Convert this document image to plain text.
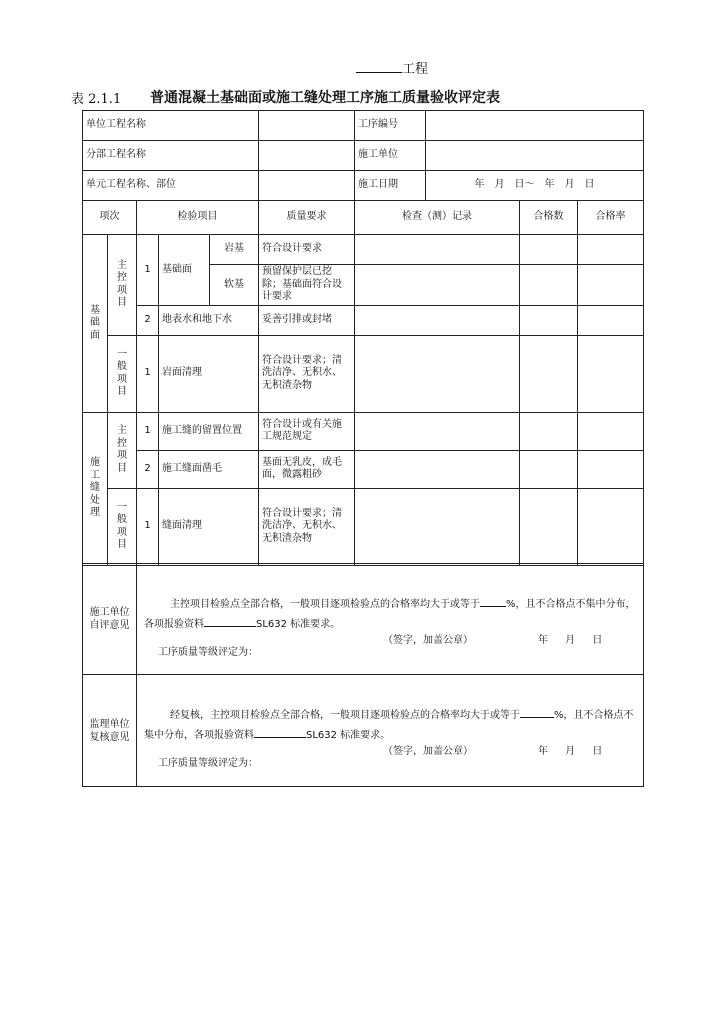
工程
表 2.1.1 普通混凝土基础面或施工缝处理工序施工质量验收评定表
单位工程名称						工序编号			
分部工程名称						施工单位			
单元工程名称、部位						施工日期	年　月　日～　年　月　日		
项次		检验项目			质量要求	检查（测）记录		合格数	合格率
基
础
面	主
控
项
目	1	基础面	岩基	符合设计要求				
				软基	预留保护层已挖除；基础面符合设计要求				
		2	地表水和地下水		妥善引排或封堵				
	一
般
项
目	1	岩面清理		符合设计要求；清洗洁净、无积水、无积渣杂物				
施
工
缝
处
理	主
控
项
目	1	施工缝的留置位置		符合设计或有关施工规范规定				
		2	施工缝面凿毛		基面无乳皮，成毛面，微露粗砂				
	一
般
项
目	1	缝面清理		符合设计要求；清洗洁净、无积水、无积渣杂物				
施工单位自评意见	主控项目检验点全部合格，一般项目逐项检验点的合格率均大于或等于 %，且不合格点不集中分布，各项报验资料 SL632 标准要求。
工序质量等级评定为：
（签字，加盖公章） 年 月 日

监理单位复核意见	经复核，主控项目检验点全部合格，一般项目逐项检验点的合格率均大于或等于 %，且不合格点不集中分布，各项报验资料 SL632 标准要求。
工序质量等级评定为：
（签字，加盖公章） 年 月 日
